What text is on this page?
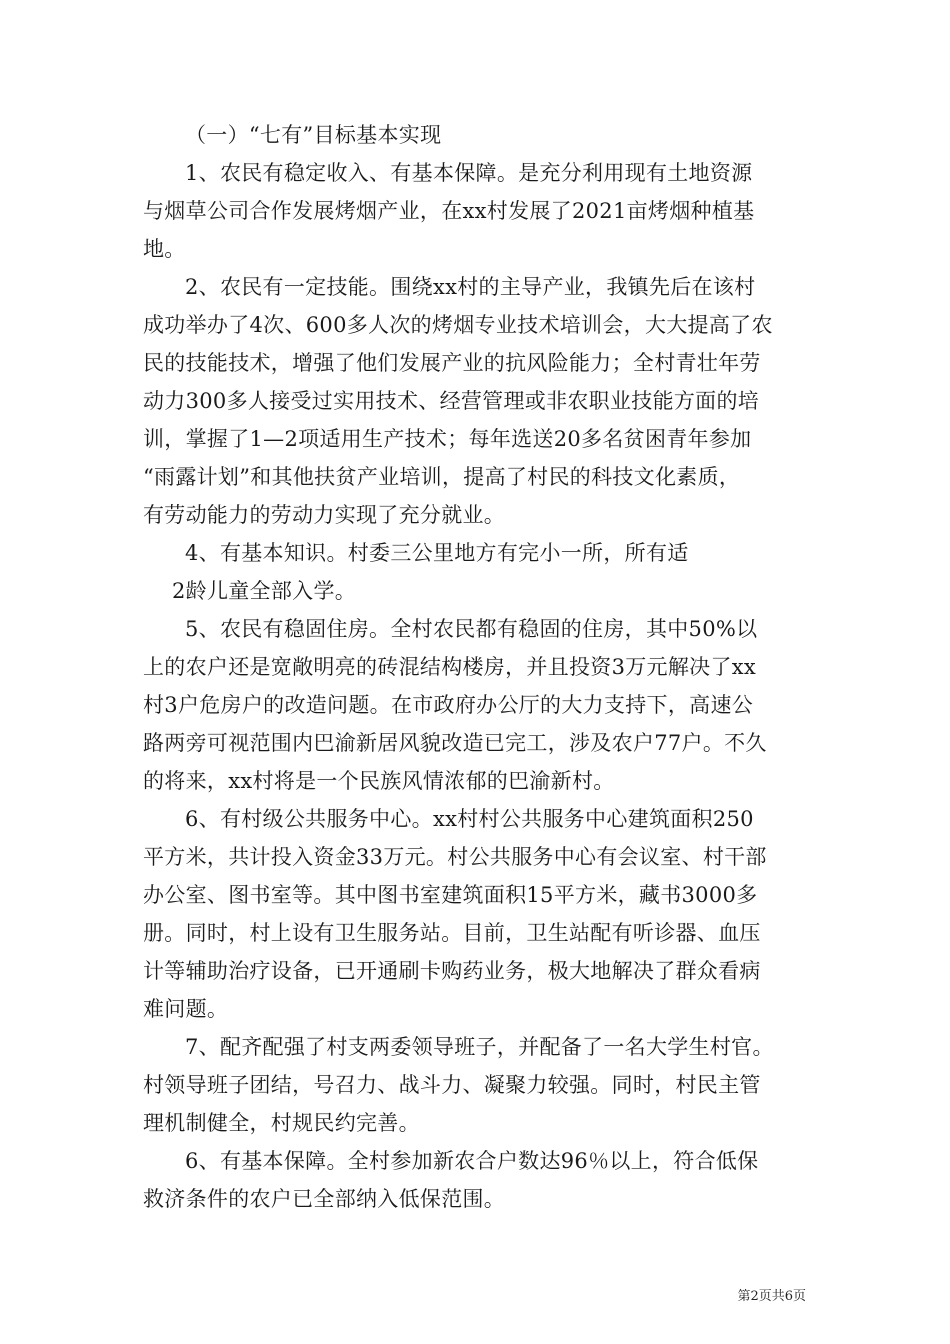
（一）“七有”目标基本实现
1、农民有稳定收入、有基本保障。是充分利用现有土地资源
与烟草公司合作发展烤烟产业，在xx村发展了2021亩烤烟种植基
地。
2、农民有一定技能。围绕xx村的主导产业，我镇先后在该村
成功举办了4次、600多人次的烤烟专业技术培训会，大大提高了农
民的技能技术，增强了他们发展产业的抗风险能力；全村青壮年劳
动力300多人接受过实用技术、经营管理或非农职业技能方面的培
训，掌握了1—2项适用生产技术；每年选送20多名贫困青年参加
“雨露计划”和其他扶贫产业培训，提高了村民的科技文化素质，
有劳动能力的劳动力实现了充分就业。
4、有基本知识。村委三公里地方有完小一所，所有适
2龄儿童全部入学。
5、农民有稳固住房。全村农民都有稳固的住房，其中50%以
上的农户还是宽敞明亮的砖混结构楼房，并且投资3万元解决了xx
村3户危房户的改造问题。在市政府办公厅的大力支持下，高速公
路两旁可视范围内巴渝新居风貌改造已完工，涉及农户77户。不久
的将来，xx村将是一个民族风情浓郁的巴渝新村。
6、有村级公共服务中心。xx村村公共服务中心建筑面积250
平方米，共计投入资金33万元。村公共服务中心有会议室、村干部
办公室、图书室等。其中图书室建筑面积15平方米，藏书3000多
册。同时，村上设有卫生服务站。目前，卫生站配有听诊器、血压
计等辅助治疗设备，已开通刷卡购药业务，极大地解决了群众看病
难问题。
7、配齐配强了村支两委领导班子，并配备了一名大学生村官。
村领导班子团结，号召力、战斗力、凝聚力较强。同时，村民主管
理机制健全，村规民约完善。
6、有基本保障。全村参加新农合户数达96％以上，符合低保
救济条件的农户已全部纳入低保范围。
第2页共6页
